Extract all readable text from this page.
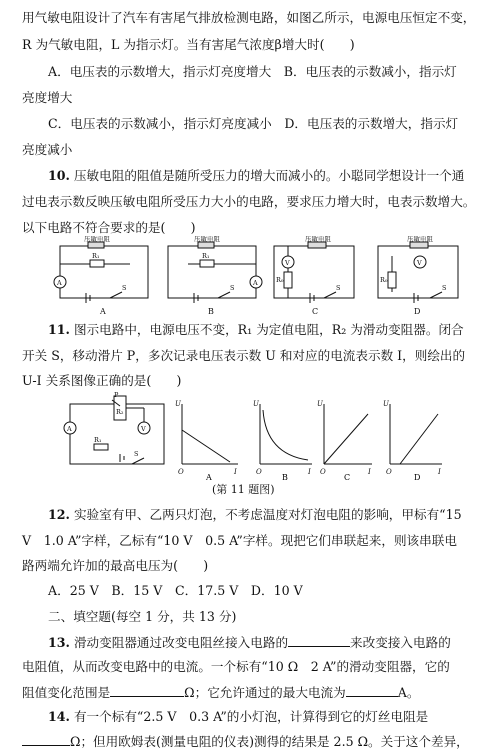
用气敏电阻设计了汽车有害尾气排放检测电路，如图乙所示，电源电压恒定不变，
R 为气敏电阻，L 为指示灯。当有害尾气浓度β增大时(　　)
A．电压表的示数增大，指示灯亮度增大　B．电压表的示数减小，指示灯
亮度增大
C．电压表的示数减小，指示灯亮度减小　D．电压表的示数增大，指示灯
亮度减小
10. 压敏电阻的阻值是随所受压力的增大而减小的。小聪同学想设计一个通
过电表示数反映压敏电阻所受压力大小的电路，要求压力增大时，电表示数增大。
以下电路不符合要求的是(　　)
压敏电阻
R₁
A
S
压敏电阻
R₁
A
S
压敏电阻
R₀
V
S
压敏电阻
R₀
V
S
A	B	C	D
11. 图示电路中，电源电压不变，R₁ 为定值电阻，R₂ 为滑动变阻器。闭合
开关 S，移动滑片 P，多次记录电压表示数 U 和对应的电流表示数 I，则绘出的
U-I 关系图像正确的是(　　)
P
R₂
R₁
A	V
S
U
I
O
A
U
I
O
B
U
I
O
C
U
I
O
D
(第 11 题图)
12. 实验室有甲、乙两只灯泡，不考虑温度对灯泡电阻的影响，甲标有“15
V　1.0 A”字样，乙标有“10 V　0.5 A”字样。现把它们串联起来，则该串联电
路两端允许加的最高电压为(　　)
A．25 V　B．15 V　C．17.5 V　D．10 V
二、填空题(每空 1 分，共 13 分)
13. 滑动变阻器通过改变电阻丝接入电路的	来改变接入电路的
电阻值，从而改变电路中的电流。一个标有“10 Ω　2 A”的滑动变阻器，它的
阻值变化范围是	Ω；它允许通过的最大电流为	A。
14. 有一个标有“2.5 V　0.3 A”的小灯泡，计算得到它的灯丝电阻是
Ω；但用欧姆表(测量电阻的仪表)测得的结果是 2.5 Ω。关于这个差异，
